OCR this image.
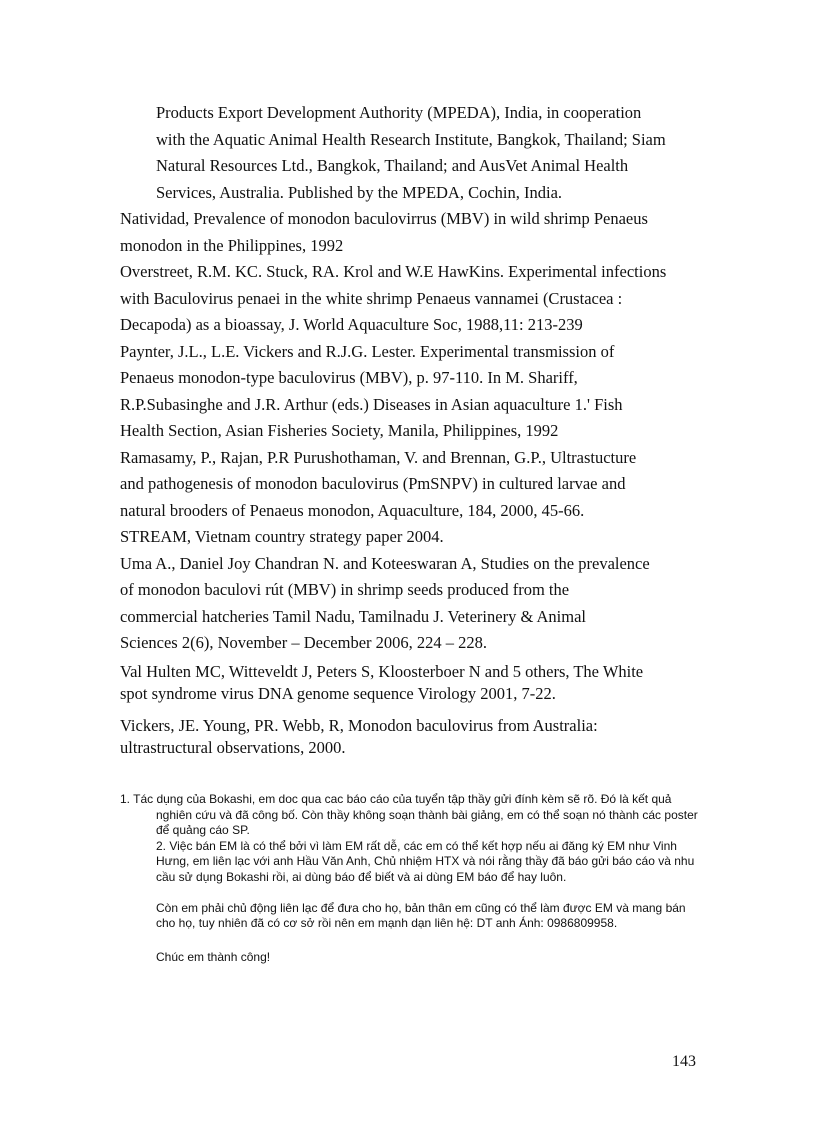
Products Export Development Authority (MPEDA), India, in cooperation
with the Aquatic Animal Health Research Institute, Bangkok, Thailand; Siam
Natural Resources Ltd., Bangkok, Thailand; and AusVet Animal Health
Services, Australia. Published by the MPEDA, Cochin, India.
Natividad, Prevalence of monodon baculovirrus (MBV) in wild shrimp Penaeus
monodon in the Philippines, 1992
Overstreet, R.M. KC. Stuck, RA. Krol and W.E HawKins. Experimental infections
with Baculovirus penaei in the white shrimp Penaeus vannamei (Crustacea :
Decapoda) as a bioassay, J. World Aquaculture Soc, 1988,11: 213-239
Paynter, J.L., L.E. Vickers and R.J.G. Lester. Experimental transmission of
Penaeus monodon-type baculovirus (MBV), p. 97-110. In M. Shariff,
R.P.Subasinghe and J.R. Arthur (eds.) Diseases in Asian aquaculture 1.' Fish
Health Section, Asian Fisheries Society, Manila, Philippines, 1992
Ramasamy, P., Rajan, P.R Purushothaman, V. and Brennan, G.P., Ultrastucture
and pathogenesis of monodon baculovirus (PmSNPV) in cultured larvae and
natural brooders of Penaeus monodon, Aquaculture, 184, 2000, 45-66.
STREAM, Vietnam country strategy paper 2004.
Uma A., Daniel Joy Chandran N. and Koteeswaran A, Studies on the prevalence
of monodon baculovi rút (MBV) in shrimp seeds produced from the
commercial hatcheries Tamil Nadu, Tamilnadu J. Veterinery & Animal
Sciences 2(6), November – December 2006, 224 – 228.
Val Hulten MC, Witteveldt J, Peters S, Kloosterboer N and 5 others, The White
spot syndrome virus DNA genome sequence Virology 2001, 7-22.
Vickers, JE. Young, PR. Webb, R, Monodon baculovirus from Australia:
ultrastructural observations, 2000.
1. Tác dụng của Bokashi, em doc qua cac báo cáo của tuyển tập thầy gửi đính kèm sẽ rõ. Đó là kết quả nghiên cứu và đã công bố. Còn thầy không soạn thành bài giảng, em có thể soạn nó thành các poster để quảng cáo SP.
2. Việc bán EM là có thể bởi vì làm EM rất dễ, các em có thể kết hợp nếu ai đăng ký EM như Vinh Hưng, em liên lạc với anh Hầu Văn Anh, Chủ nhiệm HTX và nói rằng thầy đã báo gửi báo cáo và nhu cầu sử dụng Bokashi rồi, ai dùng báo để biết và ai dùng EM báo để hay luôn.
Còn em phải chủ động liên lạc để đưa cho họ, bản thân em cũng có thể làm được EM và mang bán cho họ, tuy nhiên đã có cơ sở rồi nên em mạnh dạn liên hệ: DT anh Ánh: 0986809958.
Chúc em thành công!
143
